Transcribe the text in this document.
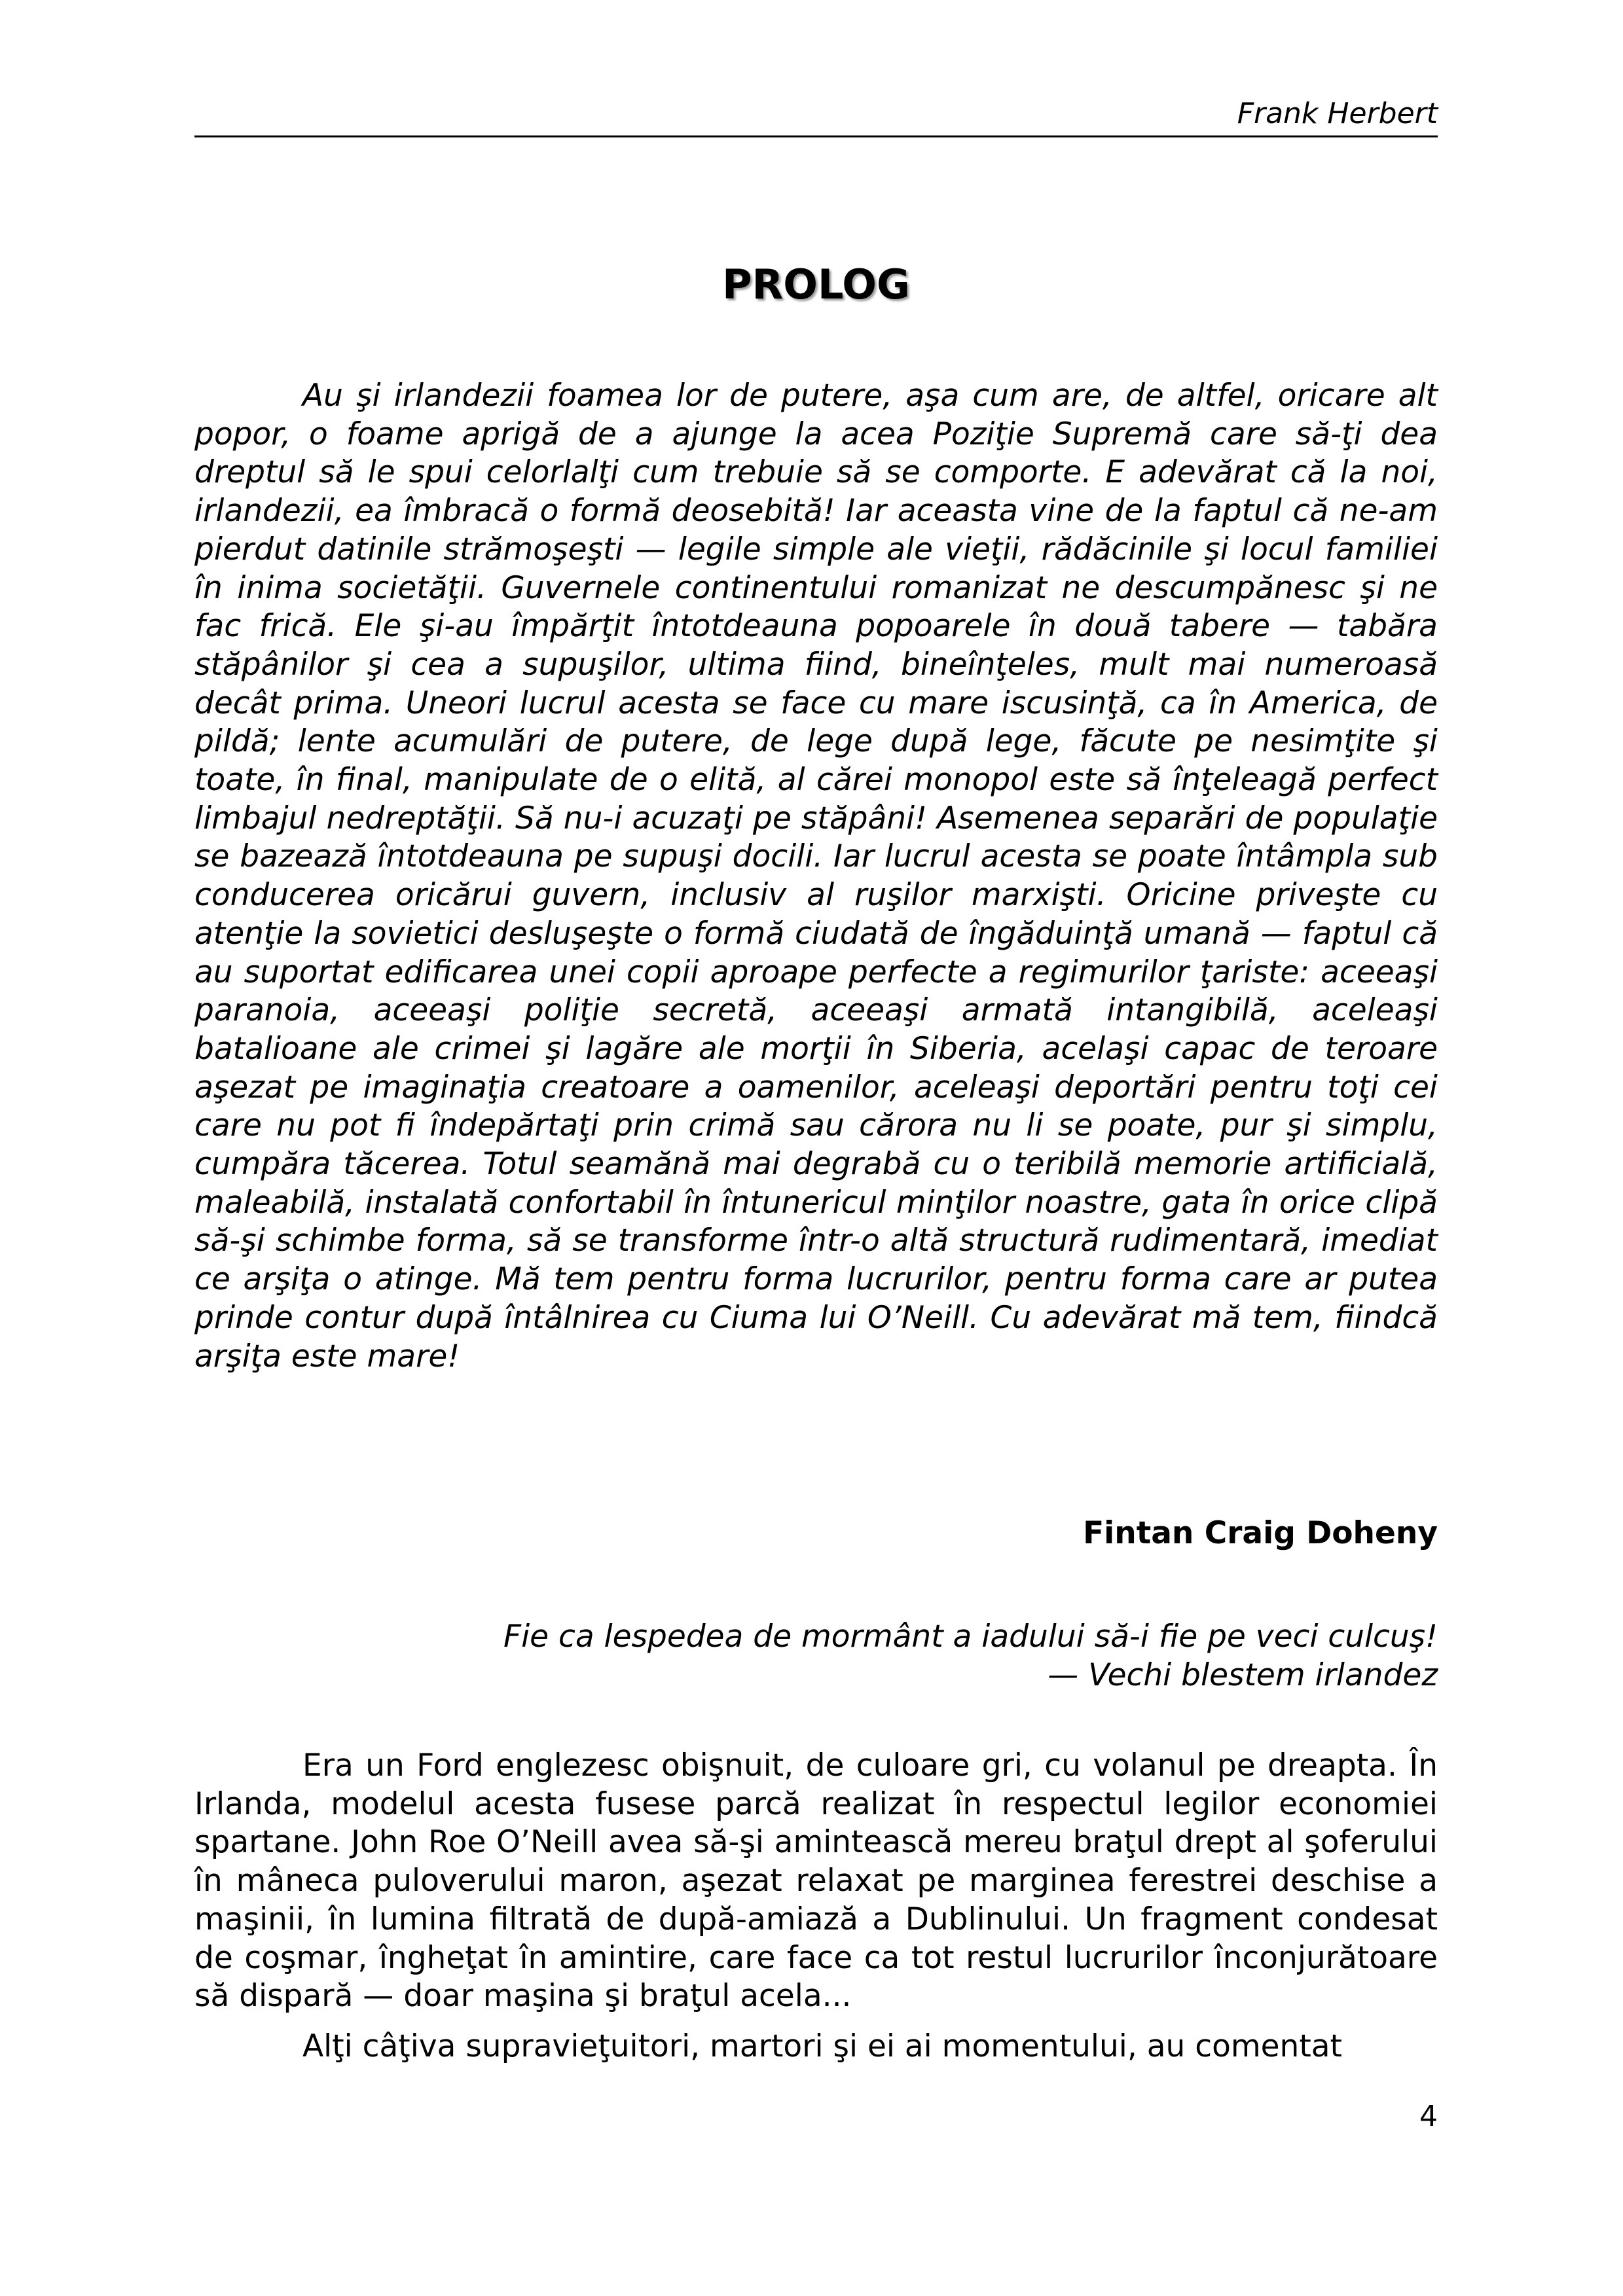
Frank Herbert
PROLOG

Au şi irlandezii foamea lor de putere, aşa cum are, de altfel, oricare alt popor, o foame aprigă de a ajunge la acea Poziţie Supremă care să-ţi dea dreptul să le spui celorlalţi cum trebuie să se comporte. E adevărat că la noi, irlandezii, ea îmbracă o formă deosebită! Iar aceasta vine de la faptul că ne-am pierdut datinile strămoşeşti — legile simple ale vieţii, rădăcinile şi locul familiei în inima societăţii. Guvernele continentului romanizat ne descumpănesc şi ne fac frică. Ele şi-au împărţit întotdeauna popoarele în două tabere — tabăra stăpânilor şi cea a supuşilor, ultima fiind, bineînţeles, mult mai numeroasă decât prima. Uneori lucrul acesta se face cu mare iscusinţă, ca în America, de pildă; lente acumulări de putere, de lege după lege, făcute pe nesimţite şi toate, în final, manipulate de o elită, al cărei monopol este să înţeleagă perfect limbajul nedreptăţii. Să nu-i acuzaţi pe stăpâni! Asemenea separări de populaţie se bazează întotdeauna pe supuşi docili. Iar lucrul acesta se poate întâmpla sub conducerea oricărui guvern, inclusiv al ruşilor marxişti. Oricine priveşte cu atenţie la sovietici desluşeşte o formă ciudată de îngăduinţă umană — faptul că au suportat edificarea unei copii aproape perfecte a regimurilor ţariste: aceeaşi paranoia, aceeaşi poliţie secretă, aceeaşi armată intangibilă, aceleaşi batalioane ale crimei şi lagăre ale morţii în Siberia, acelaşi capac de teroare aşezat pe imaginaţia creatoare a oamenilor, aceleaşi deportări pentru toţi cei care nu pot fi îndepărtaţi prin crimă sau cărora nu li se poate, pur şi simplu, cumpăra tăcerea. Totul seamănă mai degrabă cu o teribilă memorie artificială, maleabilă, instalată confortabil în întunericul minţilor noastre, gata în orice clipă să-şi schimbe forma, să se transforme într-o altă structură rudimentară, imediat ce arşiţa o atinge. Mă tem pentru forma lucrurilor, pentru forma care ar putea prinde contur după întâlnirea cu Ciuma lui O’Neill. Cu adevărat mă tem, fiindcă arşiţa este mare!

Fintan Craig Doheny
Fie ca lespedea de mormânt a iadului să-i fie pe veci culcuş!
— Vechi blestem irlandez

Era un Ford englezesc obişnuit, de culoare gri, cu volanul pe dreapta. În Irlanda, modelul acesta fusese parcă realizat în respectul legilor economiei spartane. John Roe O’Neill avea să-şi amintească mereu braţul drept al şoferului în mâneca puloverului maron, aşezat relaxat pe marginea ferestrei deschise a maşinii, în lumina filtrată de după-amiază a Dublinului. Un fragment condesat de coşmar, îngheţat în amintire, care face ca tot restul lucrurilor înconjurătoare să dispară — doar maşina şi braţul acela...

Alţi câţiva supravieţuitori, martori şi ei ai momentului, au comentat

4
